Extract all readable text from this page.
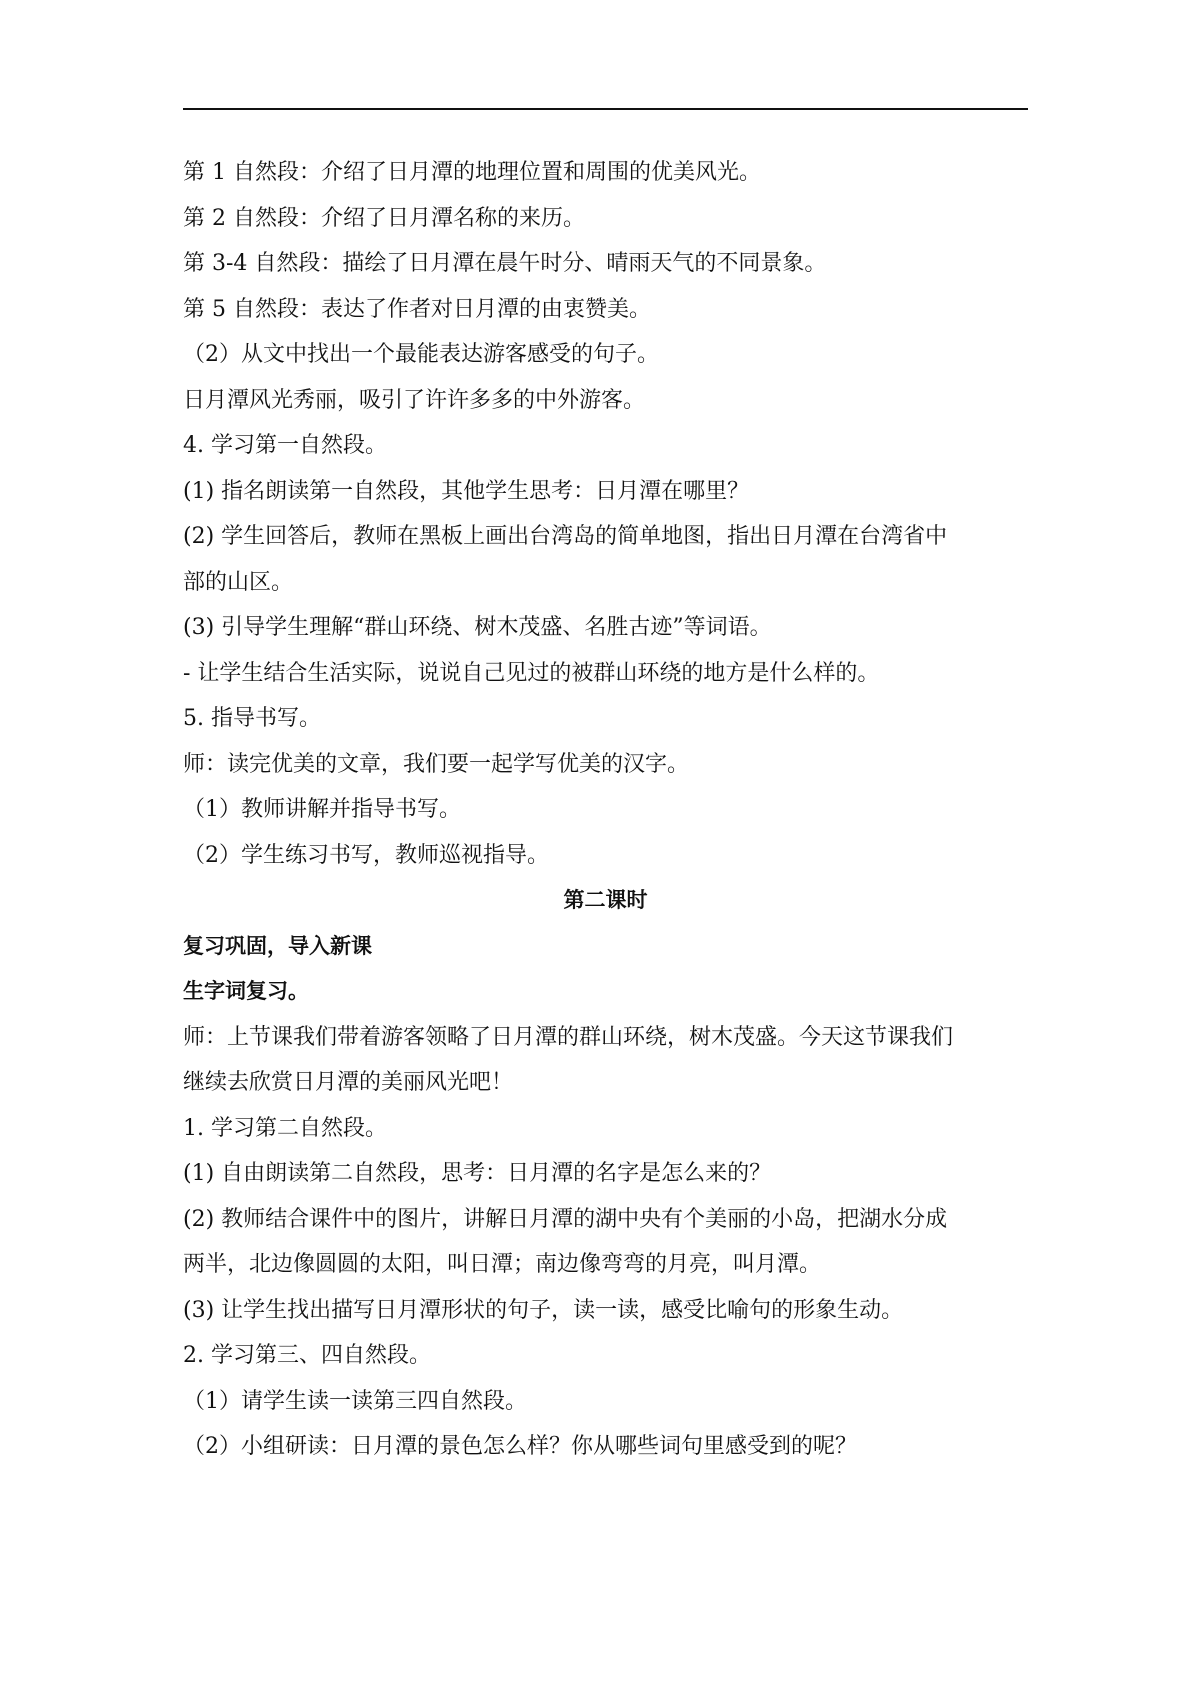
第 1 自然段：介绍了日月潭的地理位置和周围的优美风光。

第 2 自然段：介绍了日月潭名称的来历。

第 3-4 自然段：描绘了日月潭在晨午时分、晴雨天气的不同景象。

第 5 自然段：表达了作者对日月潭的由衷赞美。

（2）从文中找出一个最能表达游客感受的句子。

日月潭风光秀丽，吸引了许许多多的中外游客。

4. 学习第一自然段。

(1) 指名朗读第一自然段，其他学生思考：日月潭在哪里？

(2) 学生回答后，教师在黑板上画出台湾岛的简单地图，指出日月潭在台湾省中

部的山区。

(3) 引导学生理解“群山环绕、树木茂盛、名胜古迹”等词语。

- 让学生结合生活实际，说说自己见过的被群山环绕的地方是什么样的。

5. 指导书写。

师：读完优美的文章，我们要一起学写优美的汉字。

（1）教师讲解并指导书写。

（2）学生练习书写，教师巡视指导。

第二课时

复习巩固，导入新课

生字词复习。

师：上节课我们带着游客领略了日月潭的群山环绕，树木茂盛。今天这节课我们

继续去欣赏日月潭的美丽风光吧！

1. 学习第二自然段。

(1) 自由朗读第二自然段，思考：日月潭的名字是怎么来的？

(2) 教师结合课件中的图片，讲解日月潭的湖中央有个美丽的小岛，把湖水分成

两半，北边像圆圆的太阳，叫日潭；南边像弯弯的月亮，叫月潭。

(3) 让学生找出描写日月潭形状的句子，读一读，感受比喻句的形象生动。

2. 学习第三、四自然段。

（1）请学生读一读第三四自然段。

（2）小组研读：日月潭的景色怎么样？你从哪些词句里感受到的呢？
